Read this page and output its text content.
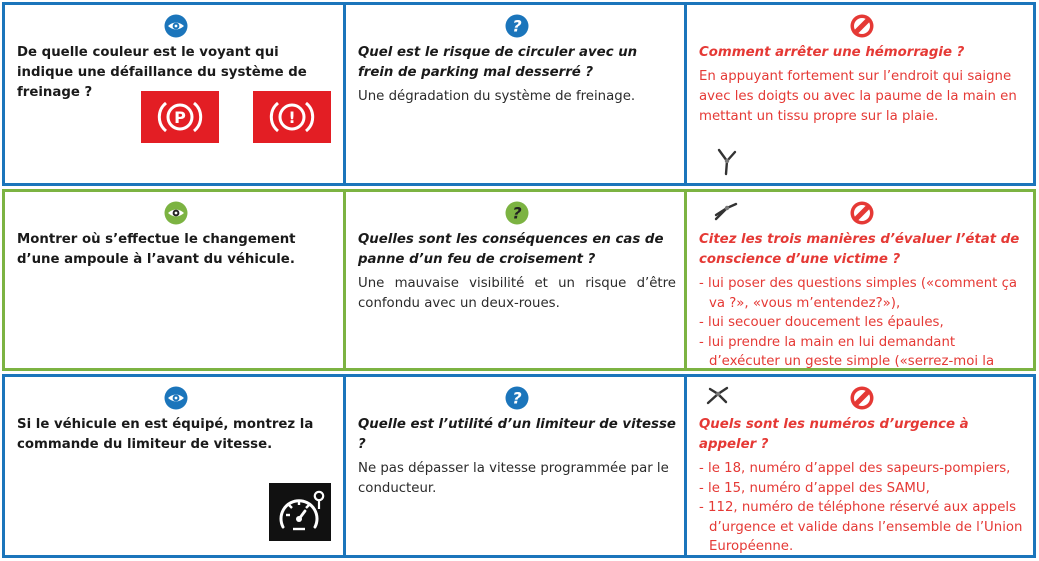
De quelle couleur est le voyant qui indique une défaillance du système de freinage ?
P	!
?
Quel est le risque de circuler avec un frein de parking mal desserré ?
Une dégradation du système de freinage.
Comment arrêter une hémorragie ?
En appuyant fortement sur l’endroit qui saigne avec les doigts ou avec la paume de la main en mettant un tissu propre sur la plaie.
Montrer où s’effectue le changement d’une ampoule à l’avant du véhicule.
?
Quelles sont les conséquences en cas de panne d’un feu de croisement ?
Une mauvaise visibilité et un risque d’être confondu avec un deux-roues.
Citez les trois manières d’évaluer l’état de conscience d’une victime ?
- lui poser des questions simples («comment ça va ?», «vous m’entendez?»),
- lui secouer doucement les épaules,
- lui prendre la main en lui demandant d’exécuter un geste simple («serrez-moi la
Si le véhicule en est équipé, montrez la commande du limiteur de vitesse.
?
Quelle est l’utilité d’un limiteur de vitesse ?
Ne pas dépasser la vitesse programmée par le conducteur.
Quels sont les numéros d’urgence à appeler ?
- le 18, numéro d’appel des sapeurs-pompiers,
- le 15, numéro d’appel des SAMU,
- 112, numéro de téléphone réservé aux appels d’urgence et valide dans l’ensemble de l’Union Européenne.
